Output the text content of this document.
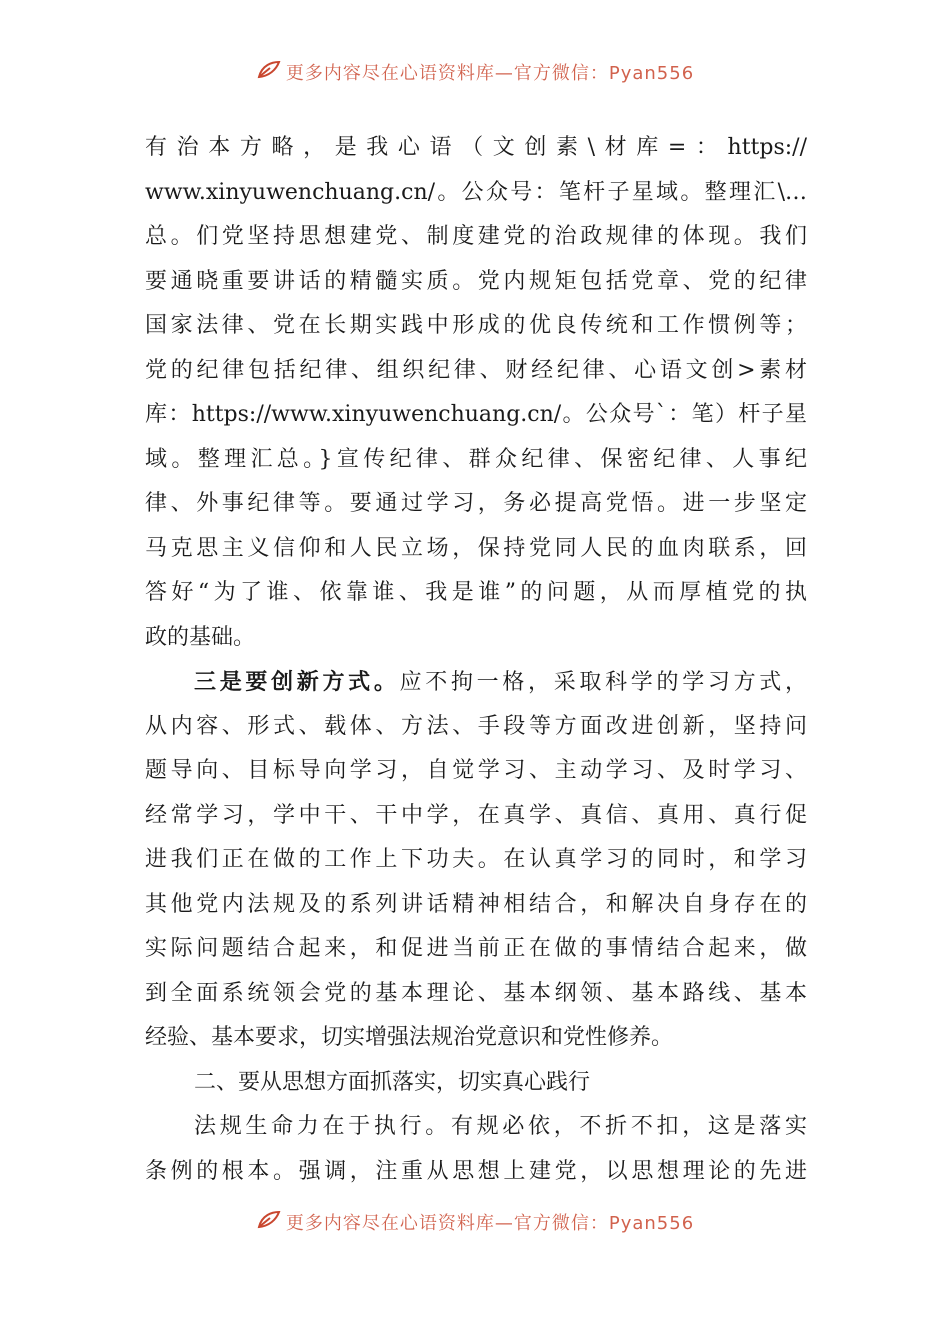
更多内容尽在心语资料库—官方微信：Pyan556
有治本方略，是我心语（文创素\材库=：https://
www.xinyuwenchuang.cn/。公众号：笔杆子星域。整理汇\…
总。们党坚持思想建党、制度建党的治政规律的体现。我们
要通晓重要讲话的精髓实质。党内规矩包括党章、党的纪律
国家法律、党在长期实践中形成的优良传统和工作惯例等；
党的纪律包括纪律、组织纪律、财经纪律、心语文创>素材
库：https://www.xinyuwenchuang.cn/。公众号`：笔）杆子星
域。整理汇总。}宣传纪律、群众纪律、保密纪律、人事纪
律、外事纪律等。要通过学习，务必提高党悟。进一步坚定
马克思主义信仰和人民立场，保持党同人民的血肉联系，回
答好“为了谁、依靠谁、我是谁”的问题，从而厚植党的执
政的基础。
三是要创新方式。应不拘一格，采取科学的学习方式，
从内容、形式、载体、方法、手段等方面改进创新，坚持问
题导向、目标导向学习，自觉学习、主动学习、及时学习、
经常学习，学中干、干中学，在真学、真信、真用、真行促
进我们正在做的工作上下功夫。在认真学习的同时，和学习
其他党内法规及的系列讲话精神相结合，和解决自身存在的
实际问题结合起来，和促进当前正在做的事情结合起来，做
到全面系统领会党的基本理论、基本纲领、基本路线、基本
经验、基本要求，切实增强法规治党意识和党性修养。
二、要从思想方面抓落实，切实真心践行
法规生命力在于执行。有规必依，不折不扣，这是落实
条例的根本。强调，注重从思想上建党，以思想理论的先进
更多内容尽在心语资料库—官方微信：Pyan556
